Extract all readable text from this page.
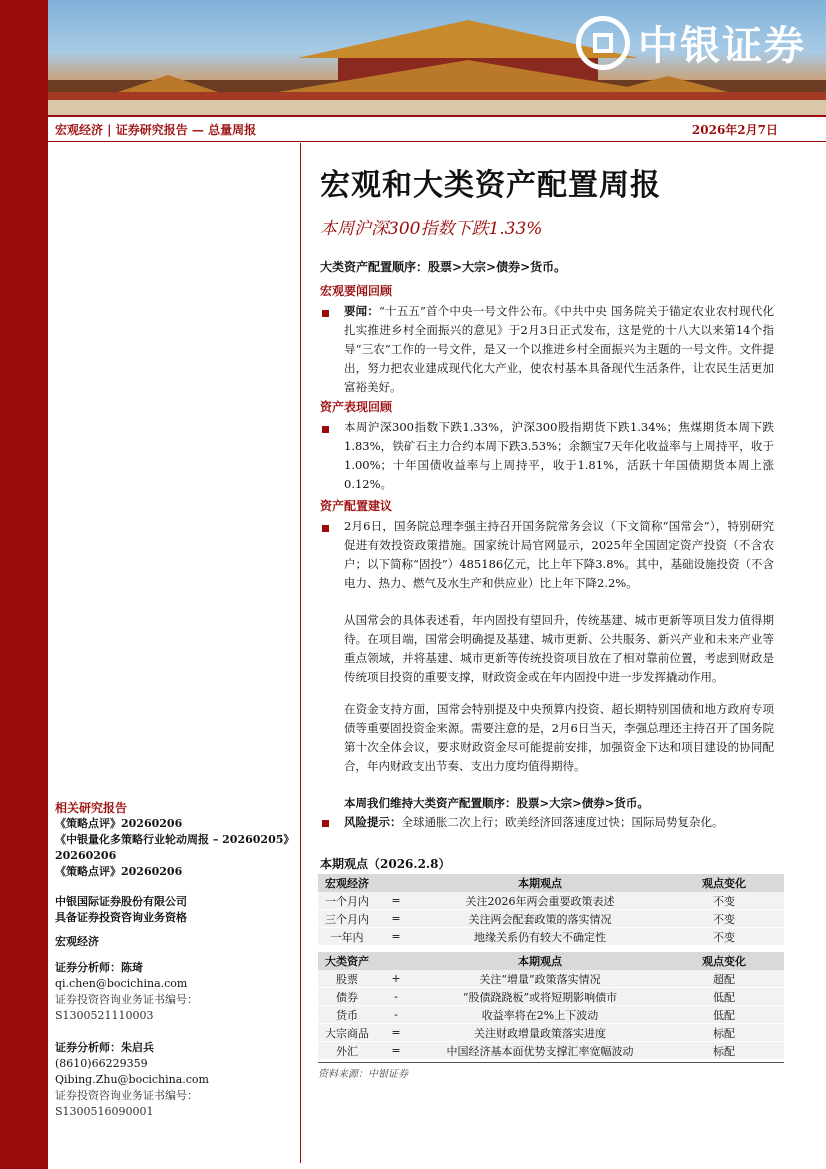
中银证券
宏观经济 | 证券研究报告 — 总量周报	2026年2月7日
宏观和大类资产配置周报
本周沪深300指数下跌1.33%
大类资产配置顺序：股票>大宗>债券>货币。
宏观要闻回顾
要闻：“十五五”首个中央一号文件公布。《中共中央 国务院关于锚定农业农村现代化 扎实推进乡村全面振兴的意见》于2月3日正式发布，这是党的十八大以来第14个指导“三农”工作的一号文件，是又一个以推进乡村全面振兴为主题的一号文件。文件提出，努力把农业建成现代化大产业，使农村基本具备现代生活条件，让农民生活更加富裕美好。
资产表现回顾
本周沪深300指数下跌1.33%，沪深300股指期货下跌1.34%；焦煤期货本周下跌1.83%，铁矿石主力合约本周下跌3.53%；余额宝7天年化收益率与上周持平，收于1.00%；十年国债收益率与上周持平，收于1.81%，活跃十年国债期货本周上涨0.12%。
资产配置建议
2月6日，国务院总理李强主持召开国务院常务会议（下文简称“国常会”），特别研究促进有效投资政策措施。国家统计局官网显示，2025年全国固定资产投资（不含农户；以下简称“固投”）485186亿元，比上年下降3.8%。其中，基础设施投资（不含电力、热力、燃气及水生产和供应业）比上年下降2.2%。
从国常会的具体表述看，年内固投有望回升，传统基建、城市更新等项目发力值得期待。在项目端，国常会明确提及基建、城市更新、公共服务、新兴产业和未来产业等重点领域，并将基建、城市更新等传统投资项目放在了相对靠前位置，考虑到财政是传统项目投资的重要支撑，财政资金或在年内固投中进一步发挥撬动作用。
在资金支持方面，国常会特别提及中央预算内投资、超长期特别国债和地方政府专项债等重要固投资金来源。需要注意的是，2月6日当天，李强总理还主持召开了国务院第十次全体会议，要求财政资金尽可能提前安排，加强资金下达和项目建设的协同配合，年内财政支出节奏、支出力度均值得期待。
本周我们维持大类资产配置顺序：股票>大宗>债券>货币。
风险提示：全球通胀二次上行；欧美经济回落速度过快；国际局势复杂化。
本期观点（2026.2.8）
宏观经济		本期观点	观点变化
一个月内	=	关注2026年两会重要政策表述	不变
三个月内	=	关注两会配套政策的落实情况	不变
一年内	=	地缘关系仍有较大不确定性	不变

大类资产		本期观点	观点变化
股票	+	关注“增量”政策落实情况	超配
债券	-	“股债跷跷板”或将短期影响债市	低配
货币	-	收益率将在2%上下波动	低配
大宗商品	=	关注财政增量政策落实进度	标配
外汇	=	中国经济基本面优势支撑汇率宽幅波动	标配
资料来源：中银证券
相关研究报告
《策略点评》20260206
《中银量化多策略行业轮动周报 – 20260205》20260206
《策略点评》20260206
中银国际证券股份有限公司
具备证券投资咨询业务资格
宏观经济
证券分析师：陈琦
qi.chen@bocichina.com
证券投资咨询业务证书编号：S1300521110003
证券分析师：朱启兵
(8610)66229359
Qibing.Zhu@bocichina.com
证券投资咨询业务证书编号：S1300516090001
